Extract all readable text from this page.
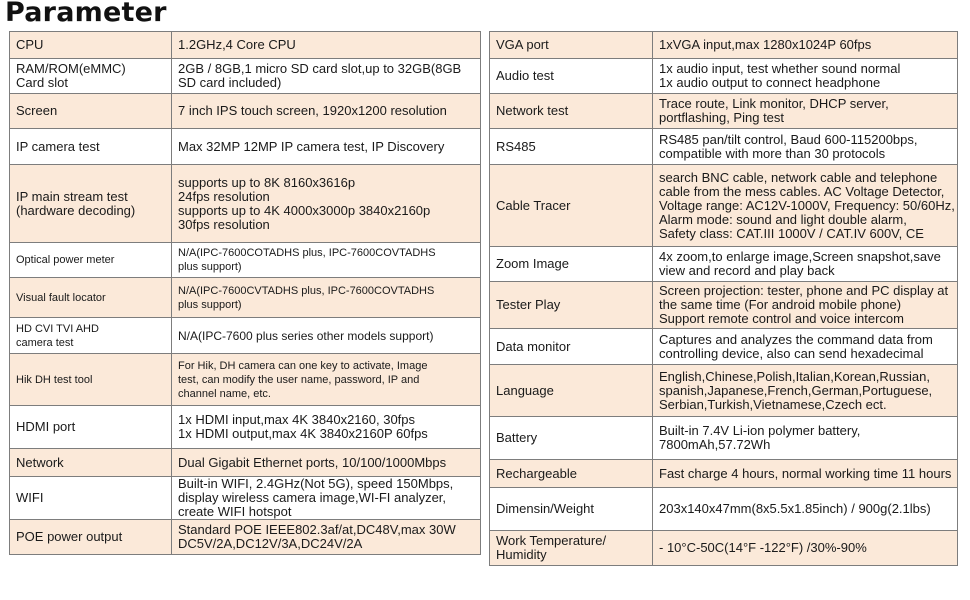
Parameter
CPU	1.2GHz,4 Core CPU

RAM/ROM(eMMC)
Card slot	2GB / 8GB,1 micro SD card slot,up to 32GB(8GB
SD card included)

Screen	7 inch IPS touch screen, 1920x1200 resolution

IP camera test	Max 32MP 12MP IP camera test, IP Discovery

IP main stream test
(hardware decoding)	supports up to 8K 8160x3616p
24fps resolution
supports up to 4K 4000x3000p 3840x2160p
30fps resolution

Optical power meter	N/A(IPC-7600COTADHS plus, IPC-7600COVTADHS
plus support)

Visual fault locator	N/A(IPC-7600CVTADHS plus, IPC-7600COVTADHS
plus support)

HD CVI TVI AHD
camera test	N/A(IPC-7600 plus series other models support)

Hik DH test tool	For Hik, DH camera can one key to activate, Image
test, can modify the user name, password, IP and
channel name, etc.

HDMI port	1x HDMI input,max 4K 3840x2160, 30fps
1x HDMI output,max 4K 3840x2160P 60fps

Network	Dual Gigabit Ethernet ports, 10/100/1000Mbps

WIFI	Built-in WIFI, 2.4GHz(Not 5G), speed 150Mbps,
display wireless camera image,WI-FI analyzer,
create WIFI hotspot

POE power output	Standard POE IEEE802.3af/at,DC48V,max 30W
DC5V/2A,DC12V/3A,DC24V/2A
VGA port	1xVGA input,max 1280x1024P 60fps

Audio test	1x audio input, test whether sound normal
1x audio output to connect headphone

Network test	Trace route, Link monitor, DHCP server,
portflashing, Ping test

RS485	RS485 pan/tilt control, Baud 600-115200bps,
compatible with more than 30 protocols

Cable Tracer	search BNC cable, network cable and telephone
cable from the mess cables. AC Voltage Detector,
Voltage range: AC12V-1000V, Frequency: 50/60Hz,
Alarm mode: sound and light double alarm,
Safety class: CAT.III 1000V / CAT.IV 600V, CE

Zoom Image	4x zoom,to enlarge image,Screen snapshot,save
view and record and play back

Tester Play	Screen projection: tester, phone and PC display at
the same time (For android mobile phone)
Support remote control and voice intercom

Data monitor	Captures and analyzes the command data from
controlling device, also can send hexadecimal

Language	English,Chinese,Polish,Italian,Korean,Russian,
spanish,Japanese,French,German,Portuguese,
Serbian,Turkish,Vietnamese,Czech ect.

Battery	Built-in 7.4V Li-ion polymer battery,
7800mAh,57.72Wh

Rechargeable	Fast charge 4 hours, normal working time 11 hours

Dimensin/Weight	203x140x47mm(8x5.5x1.85inch) / 900g(2.1lbs)

Work Temperature/
Humidity	- 10°C-50C(14°F -122°F) /30%-90%
